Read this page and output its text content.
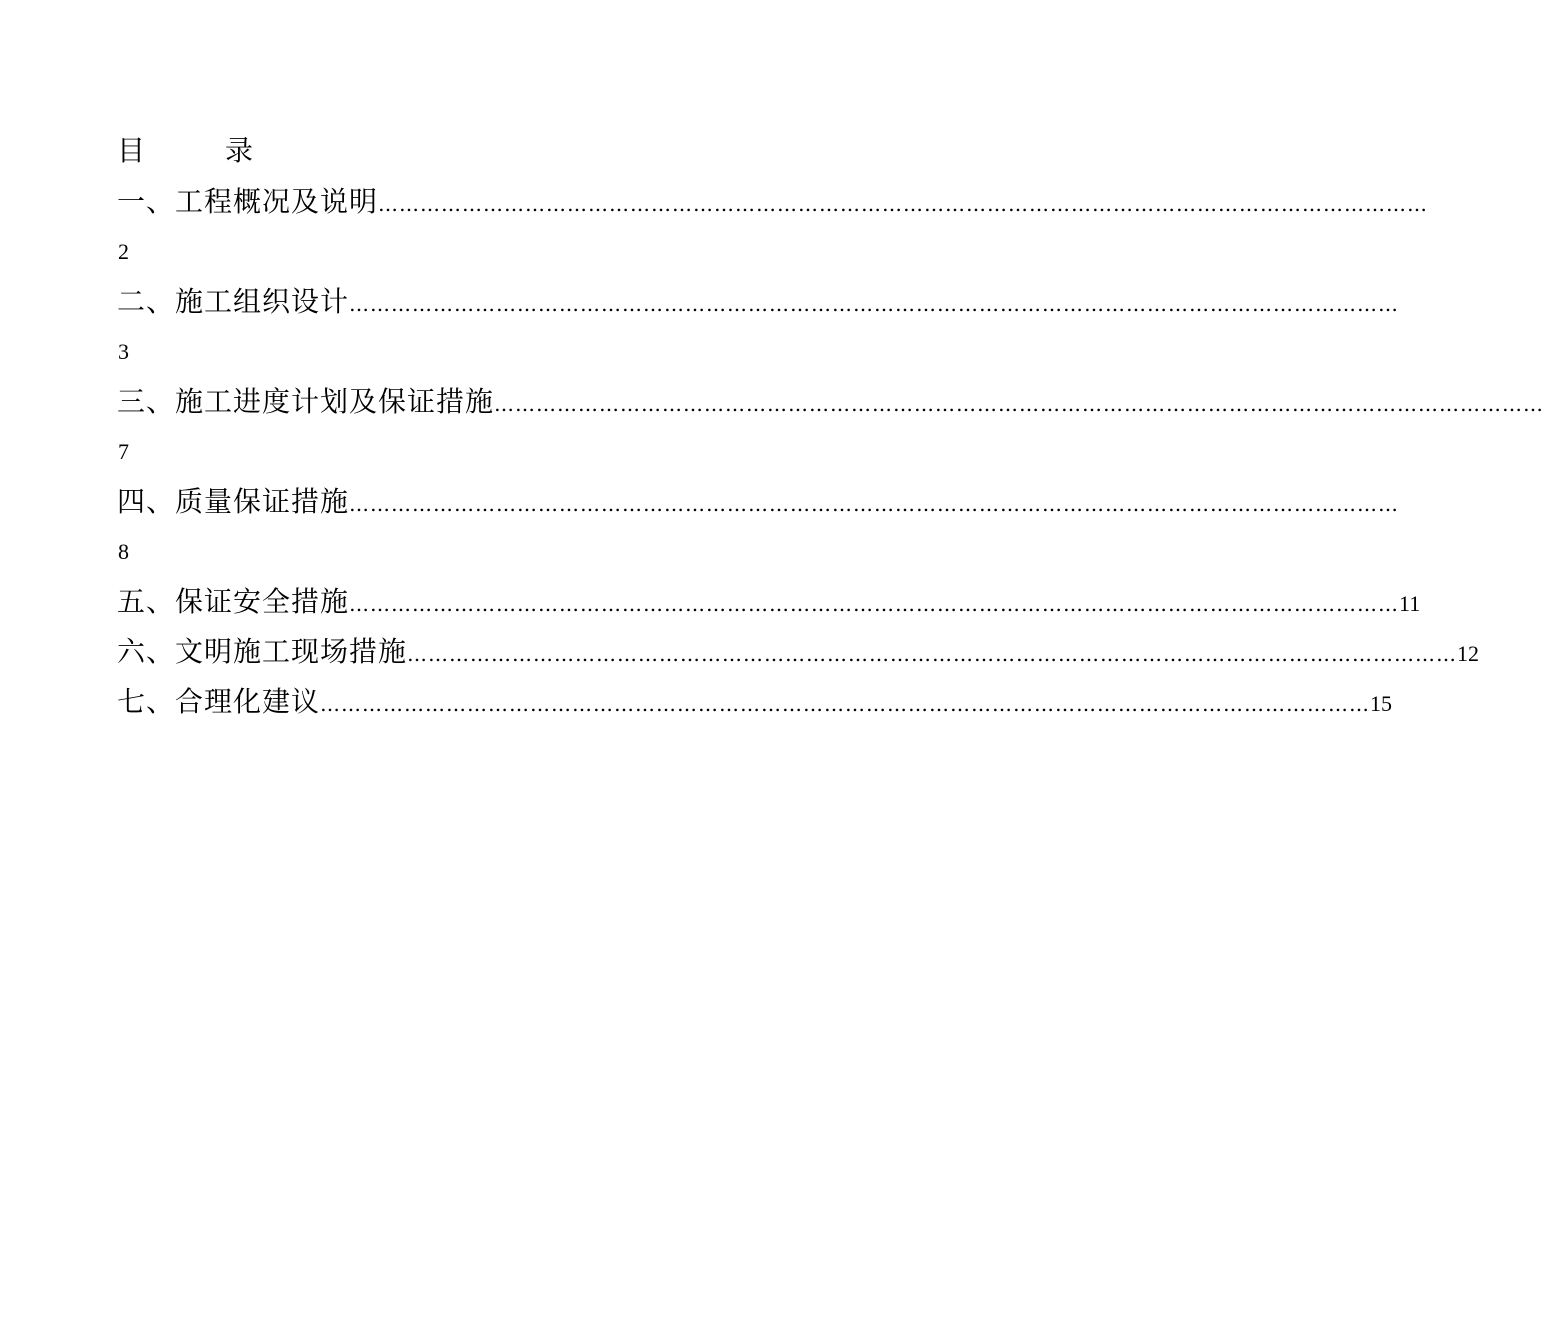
目　录
一、工程概况及说明 ……………………………………………………………………………………………………………………………………
2
二、施工组织设计 ……………………………………………………………………………………………………………………………………
3
三、施工进度计划及保证措施 ……………………………………………………………………………………………………………………………………
7
四、质量保证措施 ……………………………………………………………………………………………………………………………………
8
五、保证安全措施 …………………………………………………………………………………………………………………………………… 11
六、文明施工现场措施 …………………………………………………………………………………………………………………………………… 12
七、合理化建议 …………………………………………………………………………………………………………………………………… 15
